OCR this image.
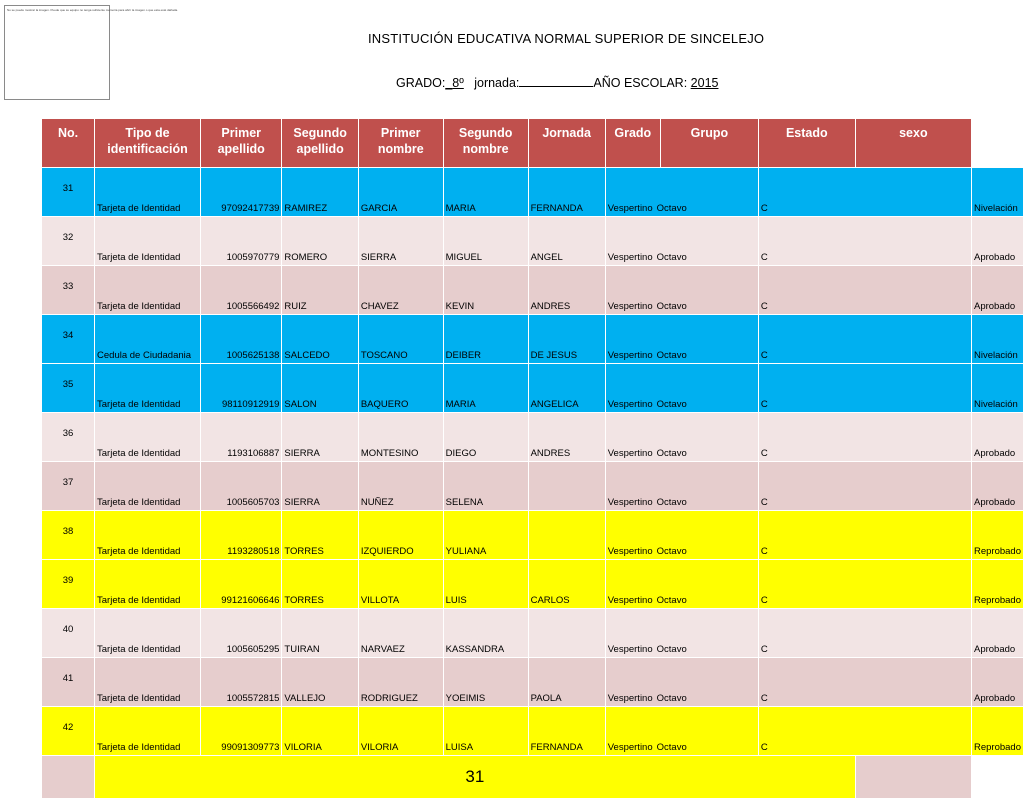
No se puede mostrar la imagen. Puede que su equipo no tenga suficiente memoria para abrir la imagen o que esta esté dañada.
INSTITUCIÓN EDUCATIVA NORMAL SUPERIOR DE SINCELEJO
GRADO:_8º jornada:	AÑO ESCOLAR: 2015
No.	Tipo de identificación	Primer apellido	Segundo apellido	Primer nombre	Segundo nombre	Jornada	Grado	Grupo	Estado	sexo	
31	Tarjeta de Identidad	97092417739	RAMIREZ	GARCIA	MARIA	FERNANDA	Vespertino Octavo		C		Nivelación
32	Tarjeta de Identidad	1005970779	ROMERO	SIERRA	MIGUEL	ANGEL	Vespertino Octavo		C		Aprobado
33	Tarjeta de Identidad	1005566492	RUIZ	CHAVEZ	KEVIN	ANDRES	Vespertino Octavo		C		Aprobado
34	Cedula de Ciudadania	1005625138	SALCEDO	TOSCANO	DEIBER	DE JESUS	Vespertino Octavo		C		Nivelación
35	Tarjeta de Identidad	98110912919	SALON	BAQUERO	MARIA	ANGELICA	Vespertino Octavo		C		Nivelación
36	Tarjeta de Identidad	1193106887	SIERRA	MONTESINO	DIEGO	ANDRES	Vespertino Octavo		C		Aprobado
37	Tarjeta de Identidad	1005605703	SIERRA	NUÑEZ	SELENA		Vespertino Octavo		C		Aprobado
38	Tarjeta de Identidad	1193280518	TORRES	IZQUIERDO	YULIANA		Vespertino Octavo		C		Reprobado
39	Tarjeta de Identidad	99121606646	TORRES	VILLOTA	LUIS	CARLOS	Vespertino Octavo		C		Reprobado
40	Tarjeta de Identidad	1005605295	TUIRAN	NARVAEZ	KASSANDRA		Vespertino Octavo		C		Aprobado
41	Tarjeta de Identidad	1005572815	VALLEJO	RODRIGUEZ	YOEIMIS	PAOLA	Vespertino Octavo		C		Aprobado
42	Tarjeta de Identidad	99091309773	VILORIA	VILORIA	LUISA	FERNANDA	Vespertino Octavo		C		Reprobado
	31										
